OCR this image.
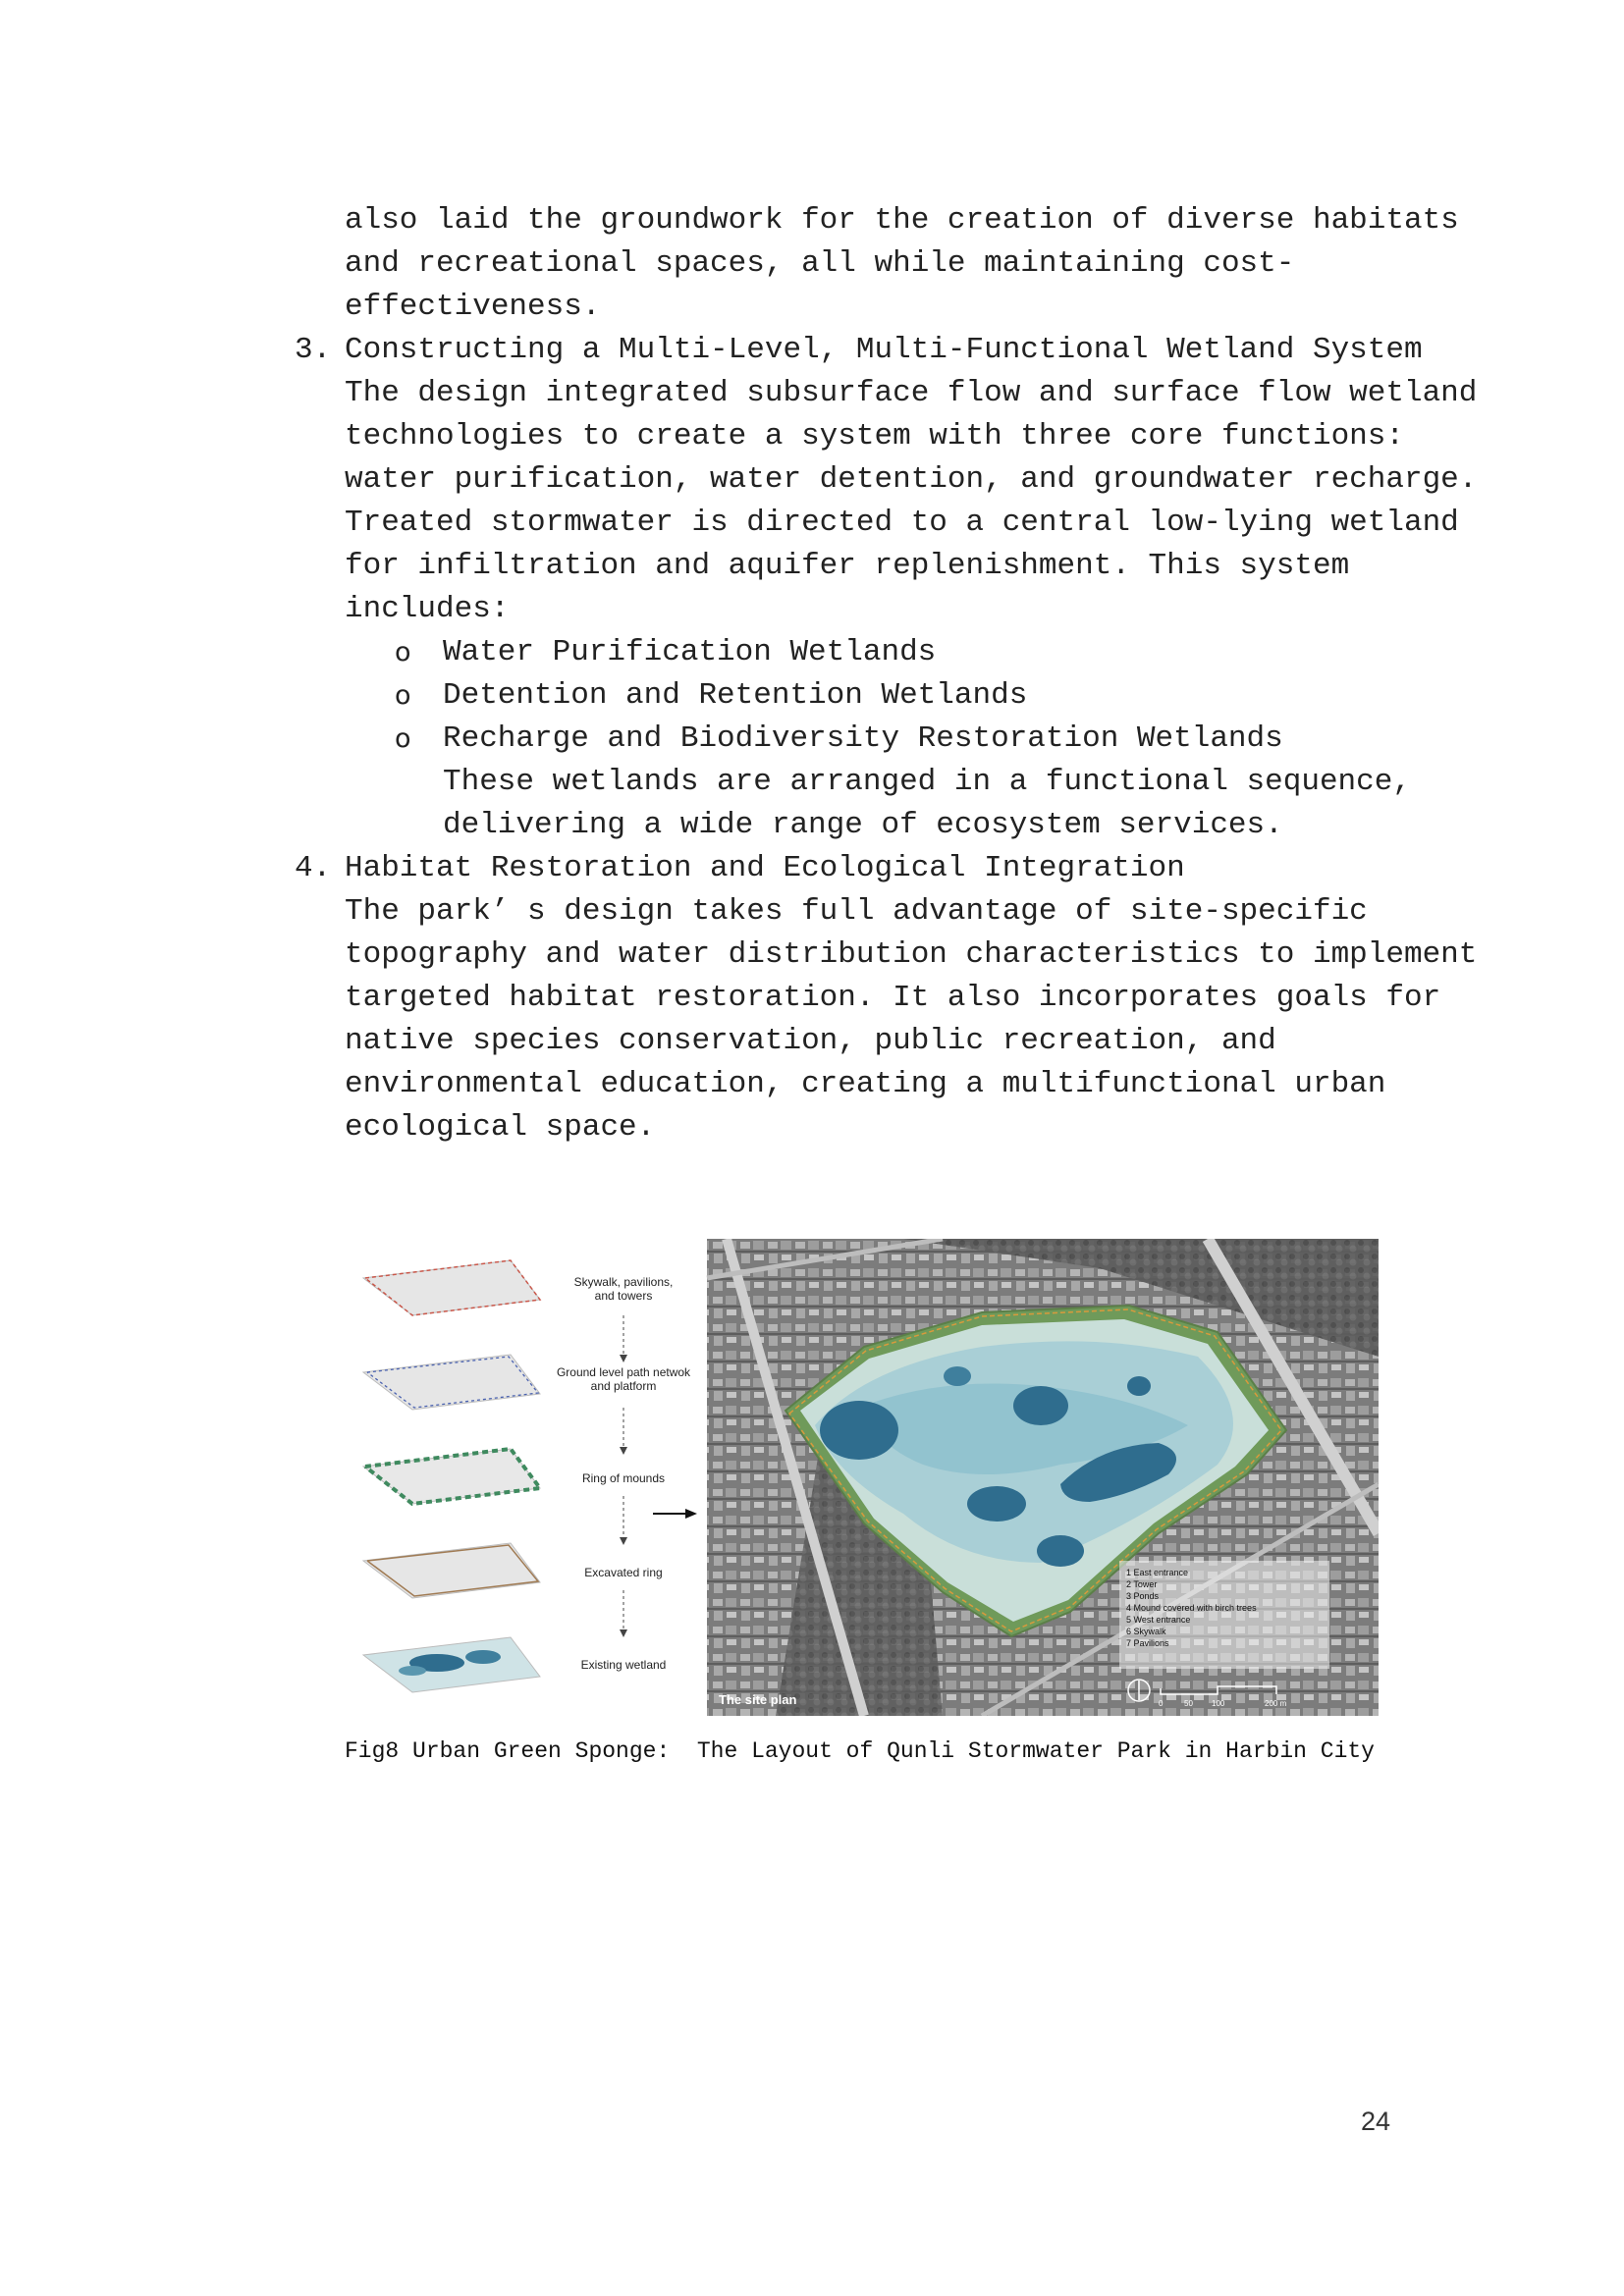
also laid the groundwork for the creation of diverse habitats
and recreational spaces, all while maintaining cost-
effectiveness.
3. Constructing a Multi-Level, Multi-Functional Wetland System
The design integrated subsurface flow and surface flow wetland
technologies to create a system with three core functions:
water purification, water detention, and groundwater recharge.
Treated stormwater is directed to a central low-lying wetland
for infiltration and aquifer replenishment. This system
includes:
o Water Purification Wetlands
o Detention and Retention Wetlands
o Recharge and Biodiversity Restoration Wetlands
These wetlands are arranged in a functional sequence,
delivering a wide range of ecosystem services.
4. Habitat Restoration and Ecological Integration
The park’ s design takes full advantage of site-specific
topography and water distribution characteristics to implement
targeted habitat restoration. It also incorporates goals for
native species conservation, public recreation, and
environmental education, creating a multifunctional urban
ecological space.
Skywalk, pavilions,
and towers
Ground level path netwok
and platform
Ring of mounds
Excavated ring
Existing wetland
The site plan
1 East entrance
2 Tower
3 Ponds
4 Mound covered with birch trees
5 West entrance
6 Skywalk
7 Pavilions
0	50 100	200 m
Fig8 Urban Green Sponge:  The Layout of Qunli Stormwater Park in Harbin City
24
